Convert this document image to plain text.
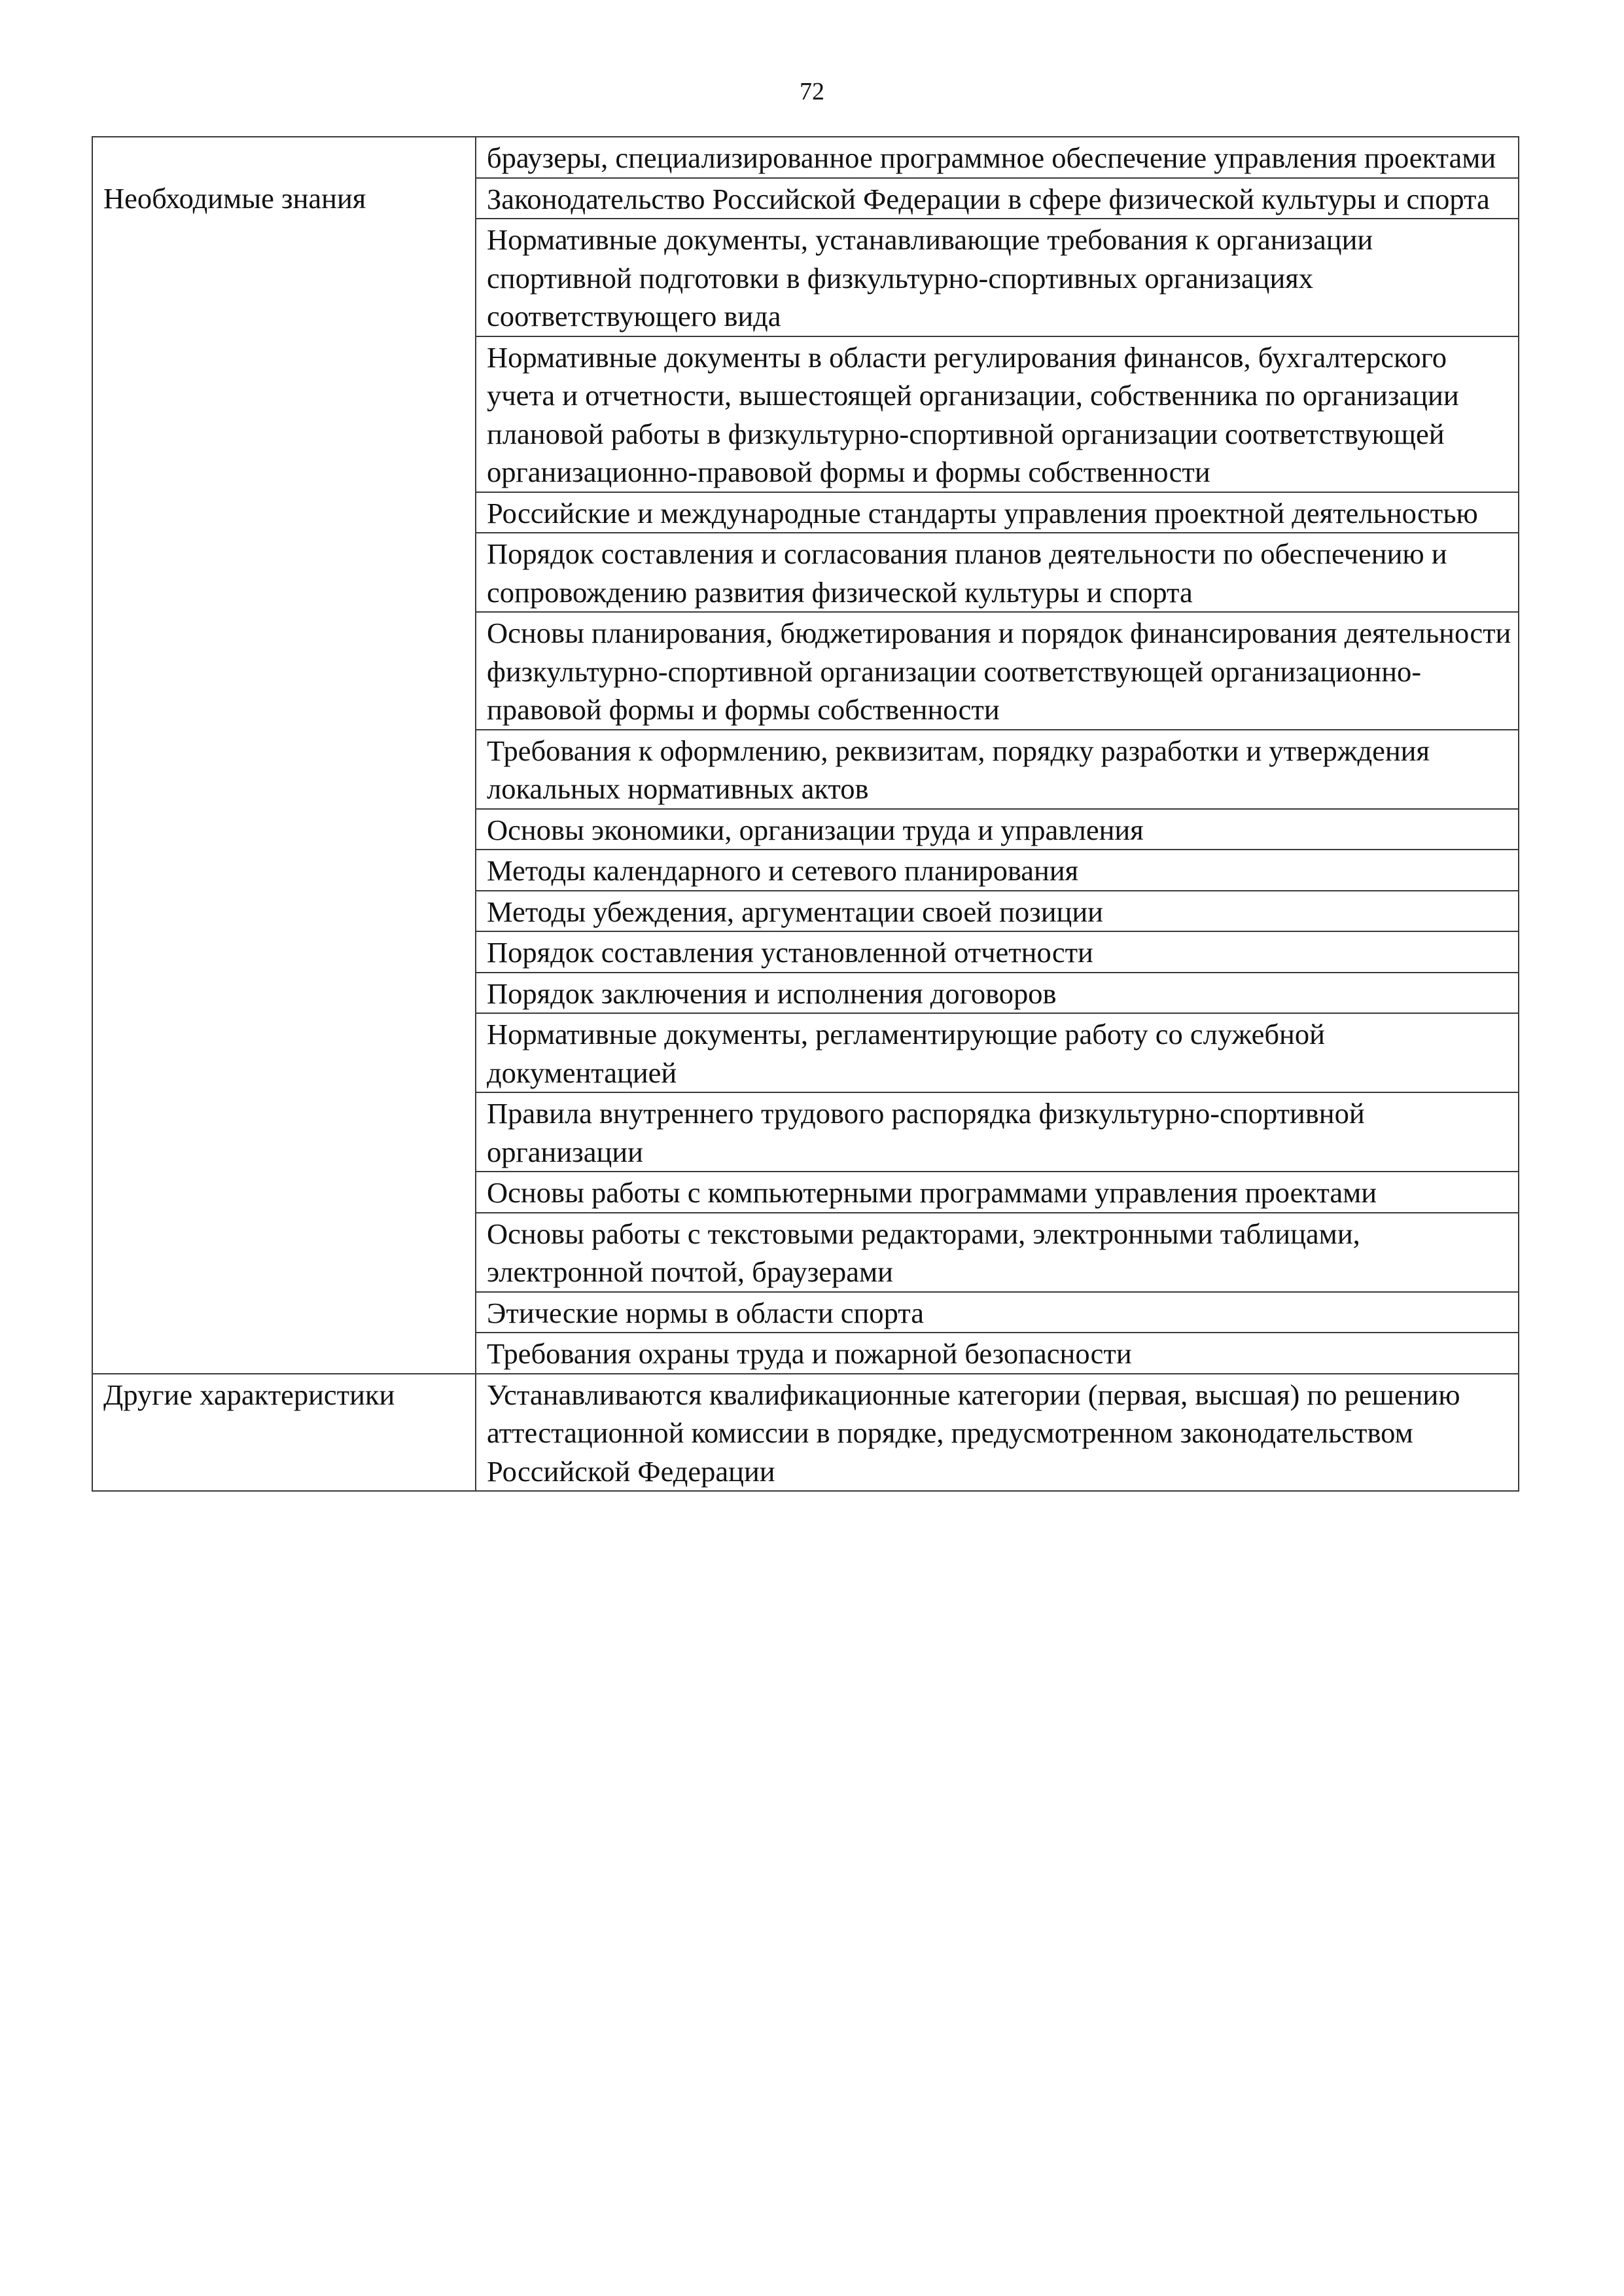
72
	браузеры, специализированное программное обеспечение управления проектами
Необходимые знания	Законодательство Российской Федерации в сфере физической культуры и спорта
	Нормативные документы, устанавливающие требования к организации спортивной подготовки в физкультурно-спортивных организациях соответствующего вида
	Нормативные документы в области регулирования финансов, бухгалтерского учета и отчетности, вышестоящей организации, собственника по организации плановой работы в физкультурно-спортивной организации соответствующей организационно-правовой формы и формы собственности
	Российские и международные стандарты управления проектной деятельностью
	Порядок составления и согласования планов деятельности по обеспечению и сопровождению развития физической культуры и спорта
	Основы планирования, бюджетирования и порядок финансирования деятельности физкультурно-спортивной организации соответствующей организационно-правовой формы и формы собственности
	Требования к оформлению, реквизитам, порядку разработки и утверждения локальных нормативных актов
	Основы экономики, организации труда и управления
	Методы календарного и сетевого планирования
	Методы убеждения, аргументации своей позиции
	Порядок составления установленной отчетности
	Порядок заключения и исполнения договоров
	Нормативные документы, регламентирующие работу со служебной документацией
	Правила внутреннего трудового распорядка физкультурно-спортивной организации
	Основы работы с компьютерными программами управления проектами
	Основы работы с текстовыми редакторами, электронными таблицами, электронной почтой, браузерами
	Этические нормы в области спорта
	Требования охраны труда и пожарной безопасности
Другие характеристики	Устанавливаются квалификационные категории (первая, высшая) по решению аттестационной комиссии в порядке, предусмотренном законодательством Российской Федерации
